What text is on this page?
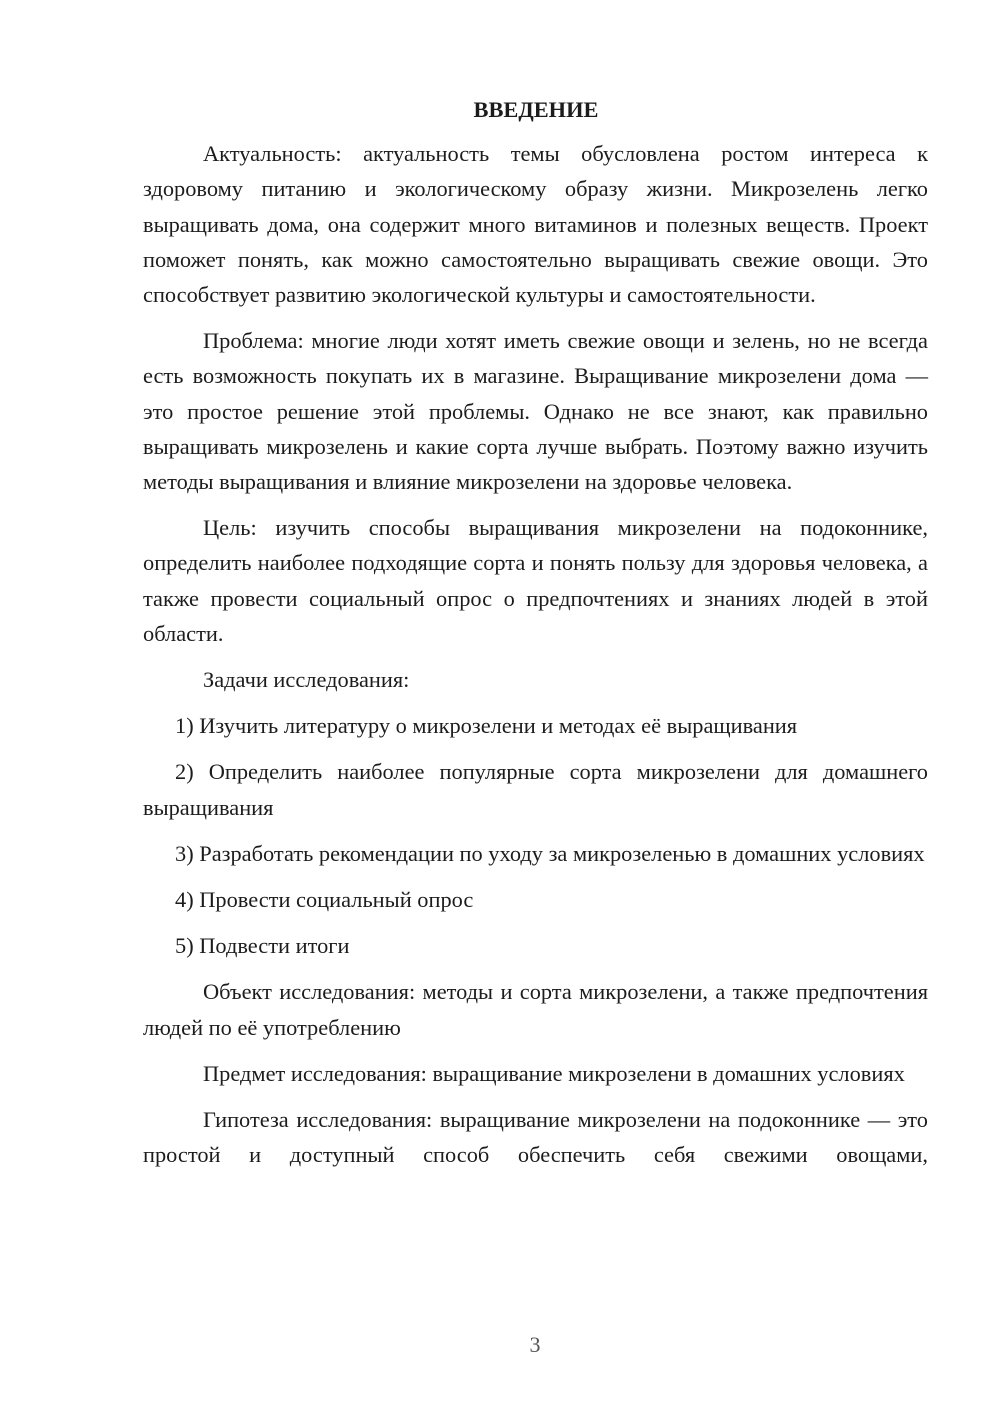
ВВЕДЕНИЕ

Актуальность: актуальность темы обусловлена ростом интереса к здоровому питанию и экологическому образу жизни. Микрозелень легко выращивать дома, она содержит много витаминов и полезных веществ. Проект поможет понять, как можно самостоятельно выращивать свежие овощи. Это способствует развитию экологической культуры и самостоятельности.

Проблема: многие люди хотят иметь свежие овощи и зелень, но не всегда есть возможность покупать их в магазине. Выращивание микрозелени дома — это простое решение этой проблемы. Однако не все знают, как правильно выращивать микрозелень и какие сорта лучше выбрать. Поэтому важно изучить методы выращивания и влияние микрозелени на здоровье человека.

Цель: изучить способы выращивания микрозелени на подоконнике, определить наиболее подходящие сорта и понять пользу для здоровья человека, а также провести социальный опрос о предпочтениях и знаниях людей в этой области.

Задачи исследования:

1) Изучить литературу о микрозелени и методах её выращивания

2) Определить наиболее популярные сорта микрозелени для домашнего выращивания

3) Разработать рекомендации по уходу за микрозеленью в домашних условиях

4) Провести социальный опрос

5) Подвести итоги

Объект исследования: методы и сорта микрозелени, а также предпочтения людей по её употреблению

Предмет исследования: выращивание микрозелени в домашних условиях

Гипотеза исследования: выращивание микрозелени на подоконнике — это простой и доступный способ обеспечить себя свежими овощами,

3
